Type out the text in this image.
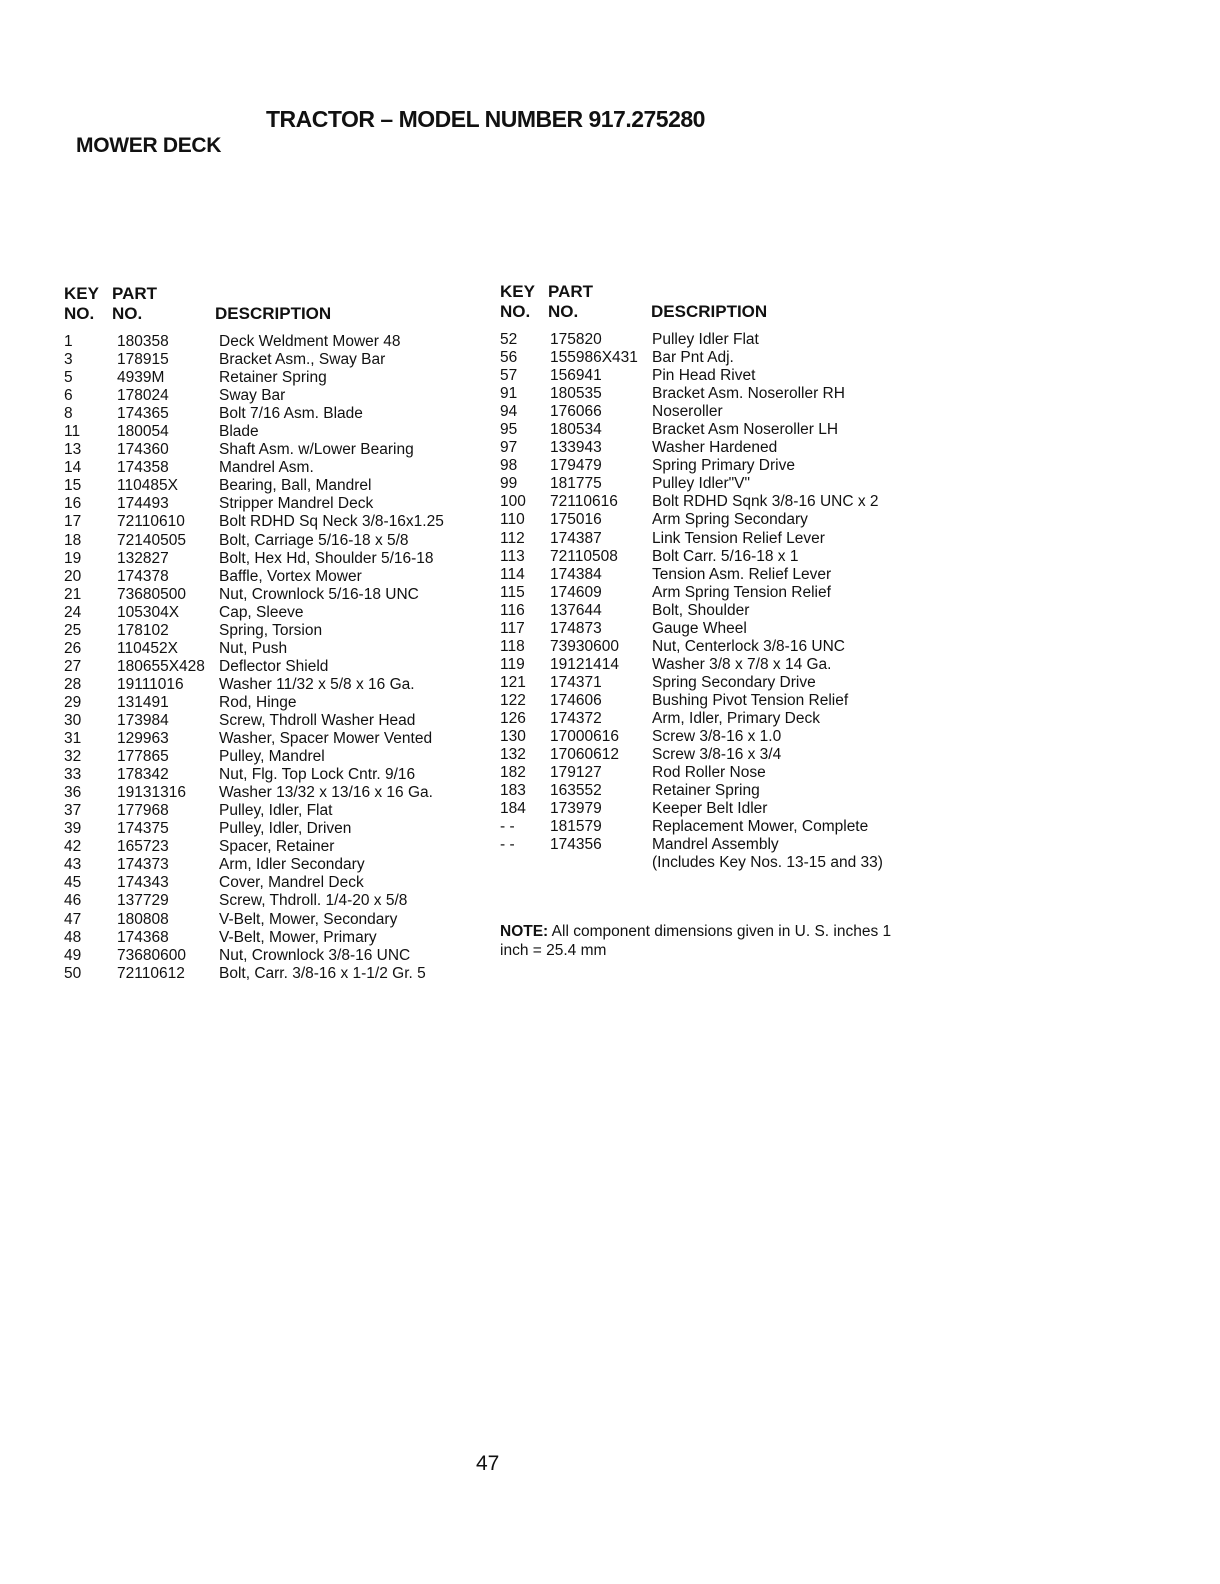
TRACTOR – MODEL NUMBER 917.275280
MOWER DECK
KEY
NO.
PART
NO.	DESCRIPTION
1	180358	Deck Weldment Mower 48
3	178915	Bracket Asm., Sway Bar
5	4939M	Retainer Spring
6	178024	Sway Bar
8	174365	Bolt 7/16 Asm. Blade
11 180054	Blade
13 174360	Shaft Asm. w/Lower Bearing
14 174358	Mandrel Asm.
15 110485X	Bearing, Ball, Mandrel
16 174493	Stripper Mandrel Deck
17 72110610 Bolt RDHD Sq Neck 3/8-16x1.25
18 72140505 Bolt, Carriage 5/16-18 x 5/8
19 132827	Bolt, Hex Hd, Shoulder 5/16-18
20 174378	Baffle, Vortex Mower
21 73680500 Nut, Crownlock 5/16-18 UNC
24 105304X	Cap, Sleeve
25 178102	Spring, Torsion
26 110452X	Nut, Push
27 180655X428 Deflector Shield
28 19111016 Washer 11/32 x 5/8 x 16 Ga.
29 131491	Rod, Hinge
30 173984	Screw, Thdroll Washer Head
31 129963	Washer, Spacer Mower Vented
32 177865	Pulley, Mandrel
33 178342	Nut, Flg. Top Lock Cntr. 9/16
36 19131316 Washer 13/32 x 13/16 x 16 Ga.
37 177968	Pulley, Idler, Flat
39 174375	Pulley, Idler, Driven
42 165723	Spacer, Retainer
43 174373	Arm, Idler Secondary
45 174343	Cover, Mandrel Deck
46 137729	Screw, Thdroll. 1/4-20 x 5/8
47 180808	V-Belt, Mower, Secondary
48 174368	V-Belt, Mower, Primary
49 73680600 Nut, Crownlock 3/8-16 UNC
50 72110612 Bolt, Carr. 3/8-16 x 1-1/2 Gr. 5
KEY
NO.
PART
NO.	DESCRIPTION
52 175820	Pulley Idler Flat
56 155986X431 Bar Pnt Adj.
57 156941	Pin Head Rivet
91 180535	Bracket Asm. Noseroller RH
94 176066	Noseroller
95 180534	Bracket Asm Noseroller LH
97 133943	Washer Hardened
98 179479	Spring Primary Drive
99 181775	Pulley Idler"V"
100 72110616 Bolt RDHD Sqnk 3/8-16 UNC x 2
110 175016	Arm Spring Secondary
112 174387	Link Tension Relief Lever
113 72110508 Bolt Carr. 5/16-18 x 1
114 174384	Tension Asm. Relief Lever
115 174609	Arm Spring Tension Relief
116 137644	Bolt, Shoulder
117 174873	Gauge Wheel
118 73930600 Nut, Centerlock 3/8-16 UNC
119 19121414 Washer 3/8 x 7/8 x 14 Ga.
121 174371	Spring Secondary Drive
122 174606	Bushing Pivot Tension Relief
126 174372	Arm, Idler, Primary Deck
130 17000616 Screw 3/8-16 x 1.0
132 17060612 Screw 3/8-16 x 3/4
182 179127	Rod Roller Nose
183 163552	Retainer Spring
184 173979	Keeper Belt Idler
- - 181579	Replacement Mower, Complete
- - 174356	Mandrel Assembly
(Includes Key Nos. 13-15 and 33)
NOTE: All component dimensions given in U. S. inches 1 inch = 25.4 mm
47
